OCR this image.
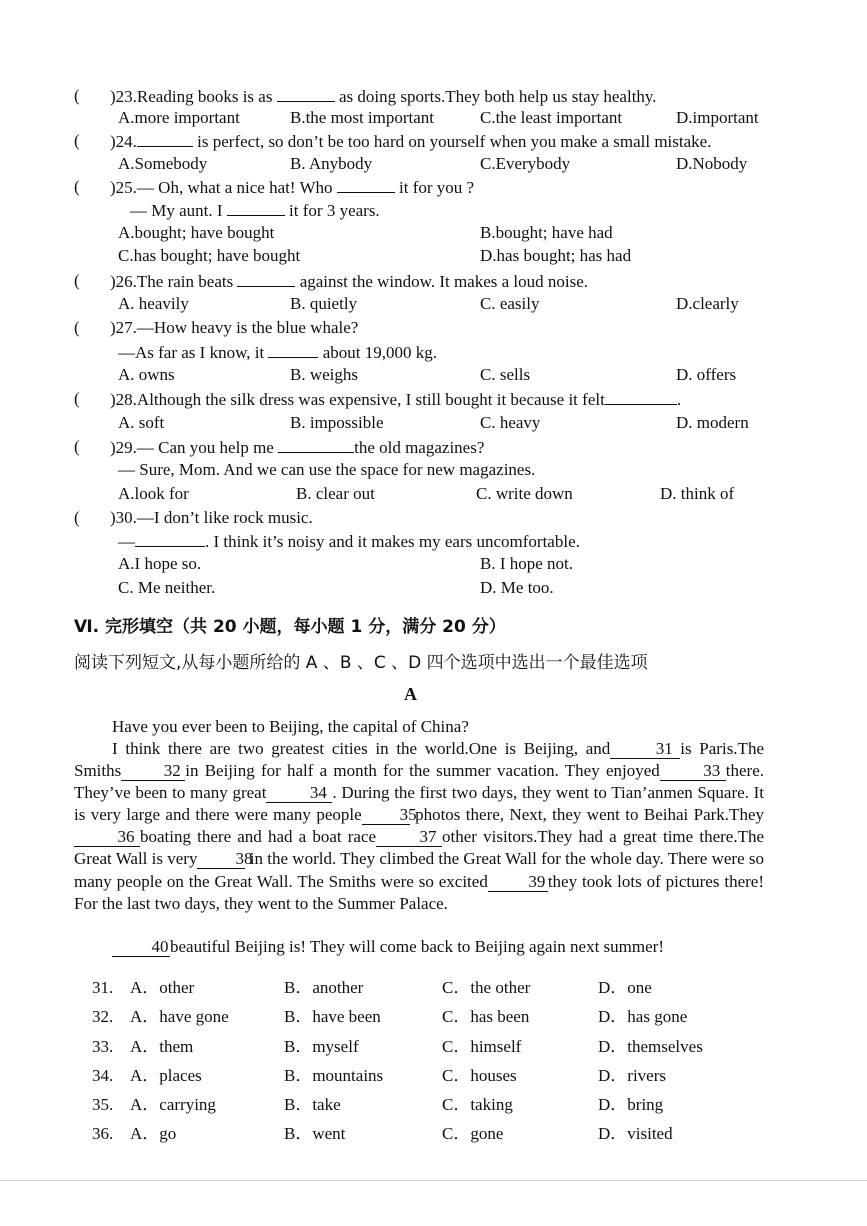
( )23.Reading books is as	as doing sports.They both help us stay healthy.
A.more important	B.the most important	C.the least important	D.important
( )24.	is perfect, so don’t be too hard on yourself when you make a small mistake.
A.Somebody	B. Anybody	C.Everybody	D.Nobody
( )25.— Oh, what a nice hat! Who	it for you ?
— My aunt. I	it for 3 years.
A.bought; have bought	B.bought; have had
C.has bought; have bought	D.has bought; has had
( )26.The rain beats	against the window. It makes a loud noise.
A. heavily	B. quietly	C. easily	D.clearly
( )27.—How heavy is the blue whale?
—As far as I know, it	about 19,000 kg.
A. owns	B. weighs	C. sells	D. offers
( )28.Although the silk dress was expensive, I still bought it because it felt	.
A. soft	B. impossible	C. heavy	D. modern
( )29.— Can you help me	the old magazines?
— Sure, Mom. And we can use the space for new magazines.
A.look for	B. clear out	C. write down	D. think of
( )30.—I don’t like rock music.
—	. I think it’s noisy and it makes my ears uncomfortable.
A.I hope so.	B. I hope not.
C. Me neither.	D. Me too.
Ⅵ. 完形填空（共 20 小题，每小题 1 分，满分 20 分）
阅读下列短文,从每小题所给的 A 、B 、C 、D 四个选项中选出一个最佳选项
A
Have you ever been to Beijing, the capital of China?
I think there are two greatest cities in the world.One is Beijing, and	31 is Paris.The Smiths	32 in Beijing for half a month for the summer vacation. They enjoyed	33 there. They’ve been to many great	34 . During the first two days, they went to Tian’anmen Square. It is very large and there were many people 35 photos there, Next, they went to Beihai Park.They36 boating there and had a boat race	37 other visitors.They had a great time there.The Great Wall is very 38 in the world. They climbed the Great Wall for the whole day. There were so many people on the Great Wall. The Smiths were so excited 39 they took lots of pictures there! For the last two days, they went to the Summer Palace.
40beautiful Beijing is! They will come back to Beijing again next summer!
31. A．other	B．another	C．the other	D．one
32. A．have gone	B．have been	C．has been	D．has gone
33. A．them	B．myself	C．himself	D．themselves
34. A．places	B．mountains	C．houses	D．rivers
35. A．carrying	B．take	C．taking	D．bring
36. A．go	B．went	C．gone	D．visited
